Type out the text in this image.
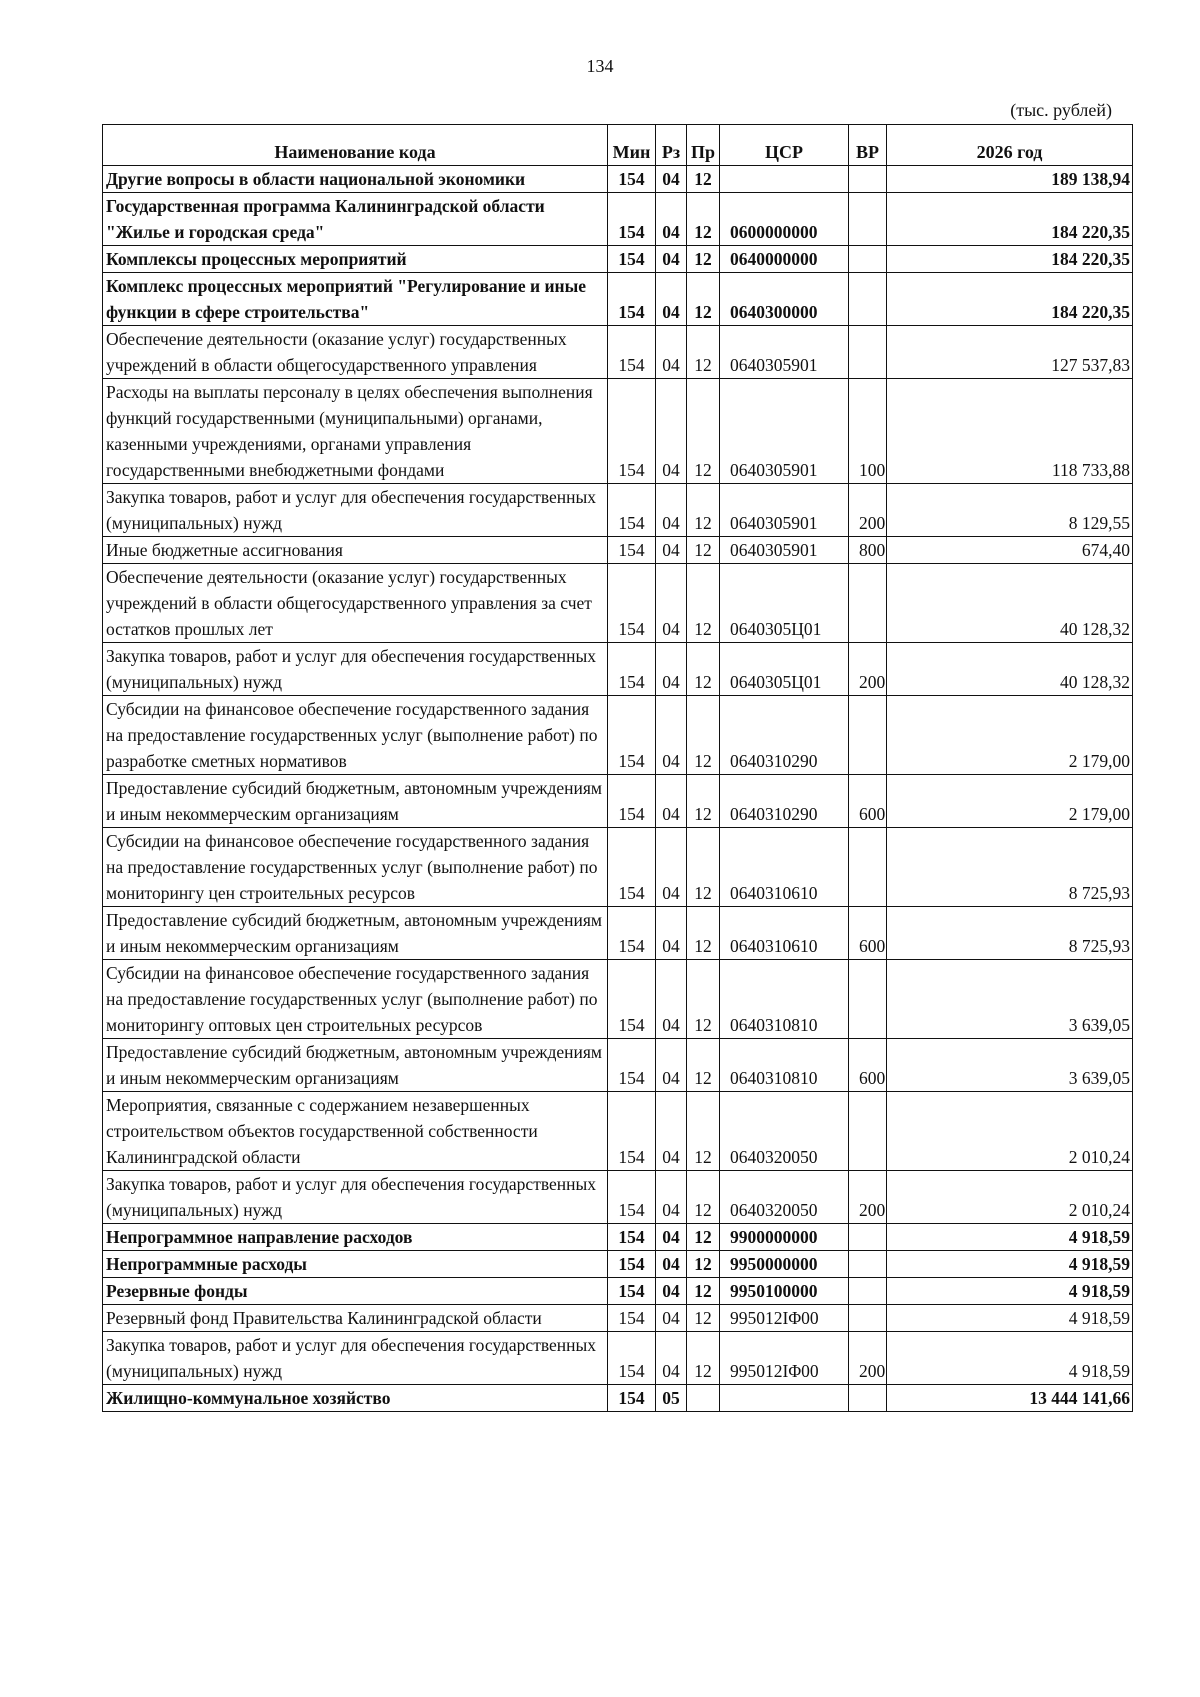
134
(тыс. рублей)
Наименование кода	Мин	Рз	Пр	ЦСР	ВР	2026 год
Другие вопросы в области национальной экономики	154	04	12			189 138,94
Государственная программа Калининградской области "Жилье и городская среда"	154	04	12	0600000000		184 220,35
Комплексы процессных мероприятий	154	04	12	0640000000		184 220,35
Комплекс процессных мероприятий "Регулирование и иные функции в сфере строительства"	154	04	12	0640300000		184 220,35
Обеспечение деятельности (оказание услуг) государственных учреждений в области общегосударственного управления	154	04	12	0640305901		127 537,83
Расходы на выплаты персоналу в целях обеспечения выполнения функций государственными (муниципальными) органами, казенными учреждениями, органами управления государственными внебюджетными фондами	154	04	12	0640305901	100	118 733,88
Закупка товаров, работ и услуг для обеспечения государственных (муниципальных) нужд	154	04	12	0640305901	200	8 129,55
Иные бюджетные ассигнования	154	04	12	0640305901	800	674,40
Обеспечение деятельности (оказание услуг) государственных учреждений в области общегосударственного управления за счет остатков прошлых лет	154	04	12	0640305Ц01		40 128,32
Закупка товаров, работ и услуг для обеспечения государственных (муниципальных) нужд	154	04	12	0640305Ц01	200	40 128,32
Субсидии на финансовое обеспечение государственного задания на предоставление государственных услуг (выполнение работ) по разработке сметных нормативов	154	04	12	0640310290		2 179,00
Предоставление субсидий бюджетным, автономным учреждениям и иным некоммерческим организациям	154	04	12	0640310290	600	2 179,00
Субсидии на финансовое обеспечение государственного задания на предоставление государственных услуг (выполнение работ) по мониторингу цен строительных ресурсов	154	04	12	0640310610		8 725,93
Предоставление субсидий бюджетным, автономным учреждениям и иным некоммерческим организациям	154	04	12	0640310610	600	8 725,93
Субсидии на финансовое обеспечение государственного задания на предоставление государственных услуг (выполнение работ) по мониторингу оптовых цен строительных ресурсов	154	04	12	0640310810		3 639,05
Предоставление субсидий бюджетным, автономным учреждениям и иным некоммерческим организациям	154	04	12	0640310810	600	3 639,05
Мероприятия, связанные с содержанием незавершенных строительством объектов государственной собственности Калининградской области	154	04	12	0640320050		2 010,24
Закупка товаров, работ и услуг для обеспечения государственных (муниципальных) нужд	154	04	12	0640320050	200	2 010,24
Непрограммное направление расходов	154	04	12	9900000000		4 918,59
Непрограммные расходы	154	04	12	9950000000		4 918,59
Резервные фонды	154	04	12	9950100000		4 918,59
Резервный фонд Правительства Калининградской области	154	04	12	995012ΙΦ00		4 918,59
Закупка товаров, работ и услуг для обеспечения государственных (муниципальных) нужд	154	04	12	995012ΙΦ00	200	4 918,59
Жилищно-коммунальное хозяйство	154	05				13 444 141,66
